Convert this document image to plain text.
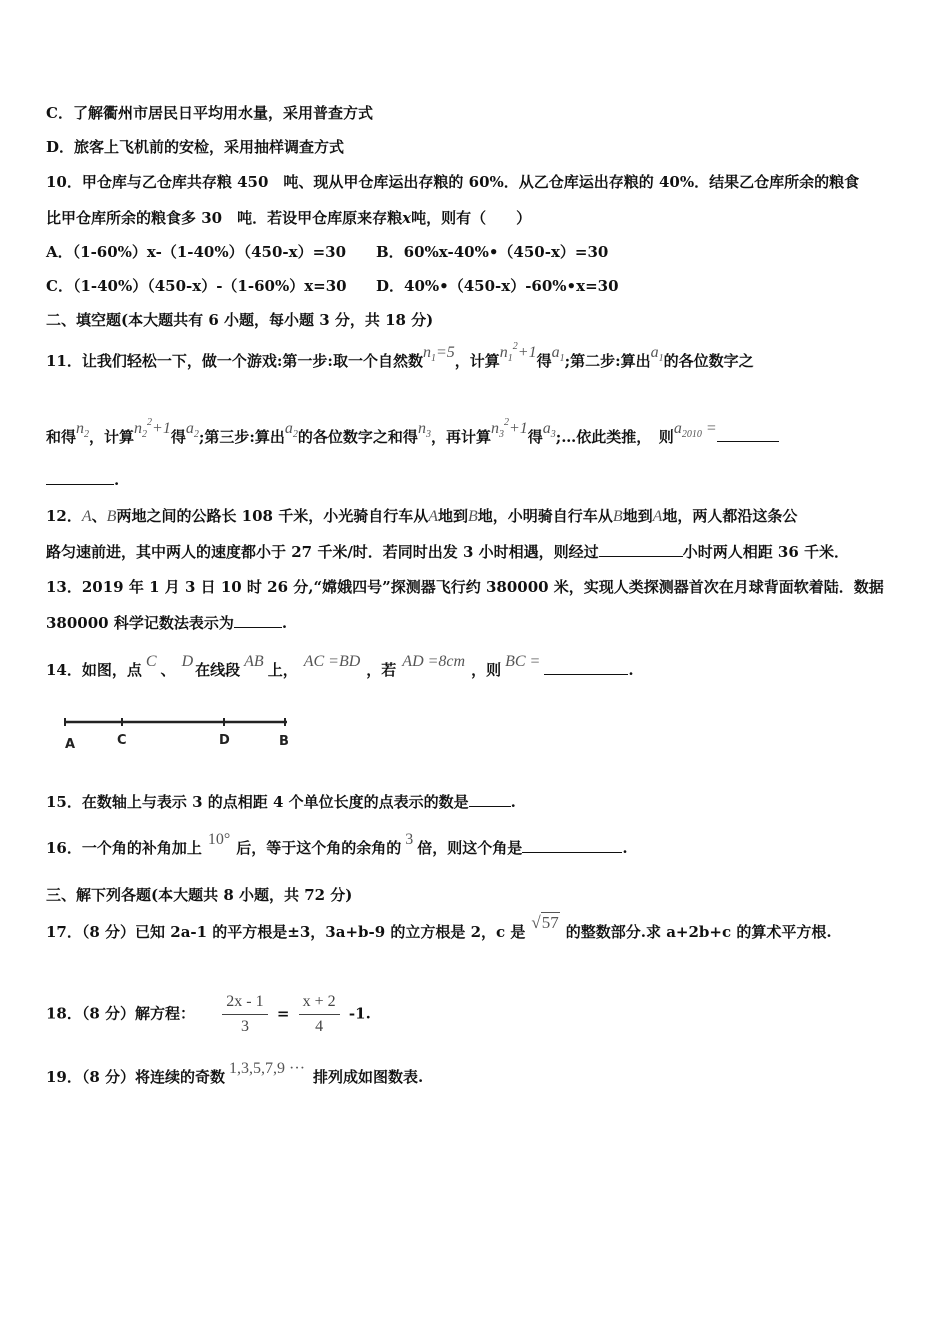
C．了解衢州市居民日平均用水量，采用普查方式
D．旅客上飞机前的安检，采用抽样调查方式
10．甲仓库与乙仓库共存粮 450　吨、现从甲仓库运出存粮的 60%．从乙仓库运出存粮的 40%．结果乙仓库所余的粮食
比甲仓库所余的粮食多 30　吨．若设甲仓库原来存粮x吨，则有（　　）
A．（1-60%）x-（1-40%）（450-x）=30 B．60%x-40%•（450-x）=30
C．（1-40%）（450-x）-（1-60%）x=30 D．40%•（450-x）-60%•x=30
二、填空题(本大题共有 6 小题，每小题 3 分，共 18 分)
11．让我们轻松一下，做一个游戏:第一步:取一个自然数$n_1=5$，计算$n_1^2+1$得$a_1$;第二步:算出$a_1$的各位数字之
和得$n_2$，计算$n_2^2+1$得$a_2$;第三步:算出$a_2$的各位数字之和得$n_3$，再计算$n_3^2+1$得$a_3;\dots$依此类推，　则$a_{2010}$ =
.
12．A、B两地之间的公路长 108 千米，小光骑自行车从A地到B地，小明骑自行车从B地到A地，两人都沿这条公
路匀速前进，其中两人的速度都小于 27 千米/时．若同时出发 3 小时相遇，则经过	小时两人相距 36 千米．
13．2019 年 1 月 3 日 10 时 26 分,“嫦娥四号”探测器飞行约 380000 米，实现人类探测器首次在月球背面软着陆．数据
380000 科学记数法表示为	.
14．如图，点 C 、 D 在线段 AB 上， AC =BD ，若 AD =8cm ，则 BC =	.
A	C	D	B
15．在数轴上与表示 3 的点相距 4 个单位长度的点表示的数是	.
16．一个角的补角加上 10° 后，等于这个角的余角的 3 倍，则这个角是	.
三、解下列各题(本大题共 8 小题，共 72 分)
17．（8 分）已知 2a-1 的平方根是±3，3a+b-9 的立方根是 2，c 是 √57 的整数部分.求 a+2b+c 的算术平方根.
18．（8 分）解方程： $\frac{2x - 1}{3} = \frac{x + 2}{4} -1$.
19．（8 分）将连续的奇数 1,3,5,7,9 ··· 排列成如图数表.
